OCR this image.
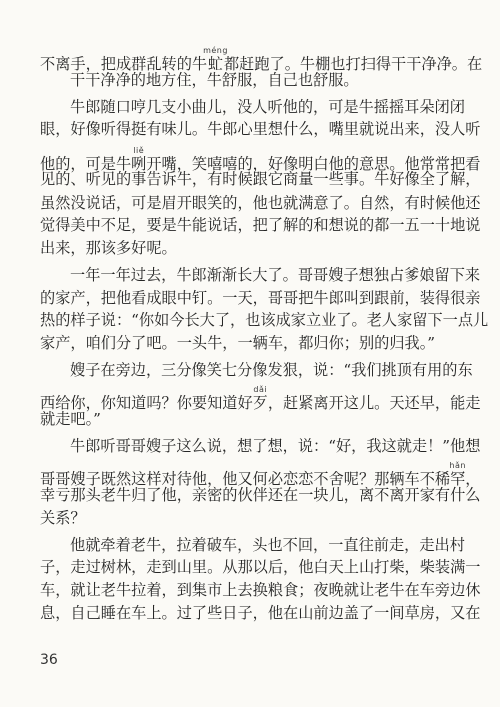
不离手，把成群乱转的牛虻méng都赶跑了。牛棚也打扫得干干净净。在
干干净净的地方住，牛舒服，自己也舒服。
牛郎随口哼几支小曲儿，没人听他的，可是牛摇摇耳朵闭闭
眼，好像听得挺有味儿。牛郎心里想什么，嘴里就说出来，没人听
他的，可是牛咧liě开嘴，笑嘻嘻的，好像明白他的意思。他常常把看
见的、听见的事告诉牛，有时候跟它商量一些事。牛好像全了解，
虽然没说话，可是眉开眼笑的，他也就满意了。自然，有时候他还
觉得美中不足，要是牛能说话，把了解的和想说的都一五一十地说
出来，那该多好呢。
一年一年过去，牛郎渐渐长大了。哥哥嫂子想独占爹娘留下来
的家产，把他看成眼中钉。一天，哥哥把牛郎叫到跟前，装得很亲
热的样子说：“你如今长大了，也该成家立业了。老人家留下一点儿
家产，咱们分了吧。一头牛，一辆车，都归你；别的归我。”
嫂子在旁边，三分像笑七分像发狠，说：“我们挑顶有用的东
西给你，你知道吗？你要知道好歹dǎi，赶紧离开这儿。天还早，能走
就走吧。”
牛郎听哥哥嫂子这么说，想了想，说：“好，我这就走！”他想
哥哥嫂子既然这样对待他，他又何必恋恋不舍呢？那辆车不稀罕hǎn，
幸亏那头老牛归了他，亲密的伙伴还在一块儿，离不离开家有什么
关系？
他就牵着老牛，拉着破车，头也不回，一直往前走，走出村
子，走过树林，走到山里。从那以后，他白天上山打柴，柴装满一
车，就让老牛拉着，到集市上去换粮食；夜晚就让老牛在车旁边休
息，自己睡在车上。过了些日子，他在山前边盖了一间草房，又在
36
